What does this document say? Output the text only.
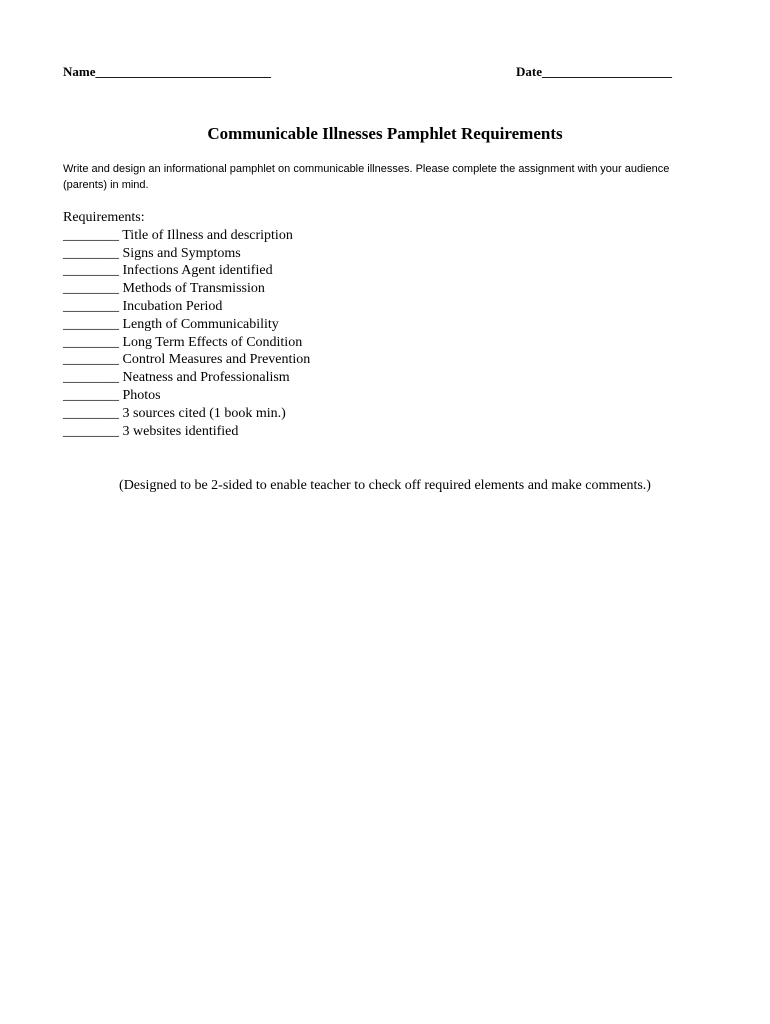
Name___________________________	Date____________________
Communicable Illnesses Pamphlet Requirements
Write and design an informational pamphlet on communicable illnesses. Please complete the assignment with your audience
(parents) in mind.
Requirements:
________ Title of Illness and description
________ Signs and Symptoms
________ Infections Agent identified
________ Methods of Transmission
________ Incubation Period
________ Length of Communicability
________ Long Term Effects of Condition
________ Control Measures and Prevention
________ Neatness and Professionalism
________ Photos
________ 3 sources cited (1 book min.)
________ 3 websites identified
(Designed to be 2-sided to enable teacher to check off required elements and make comments.)
